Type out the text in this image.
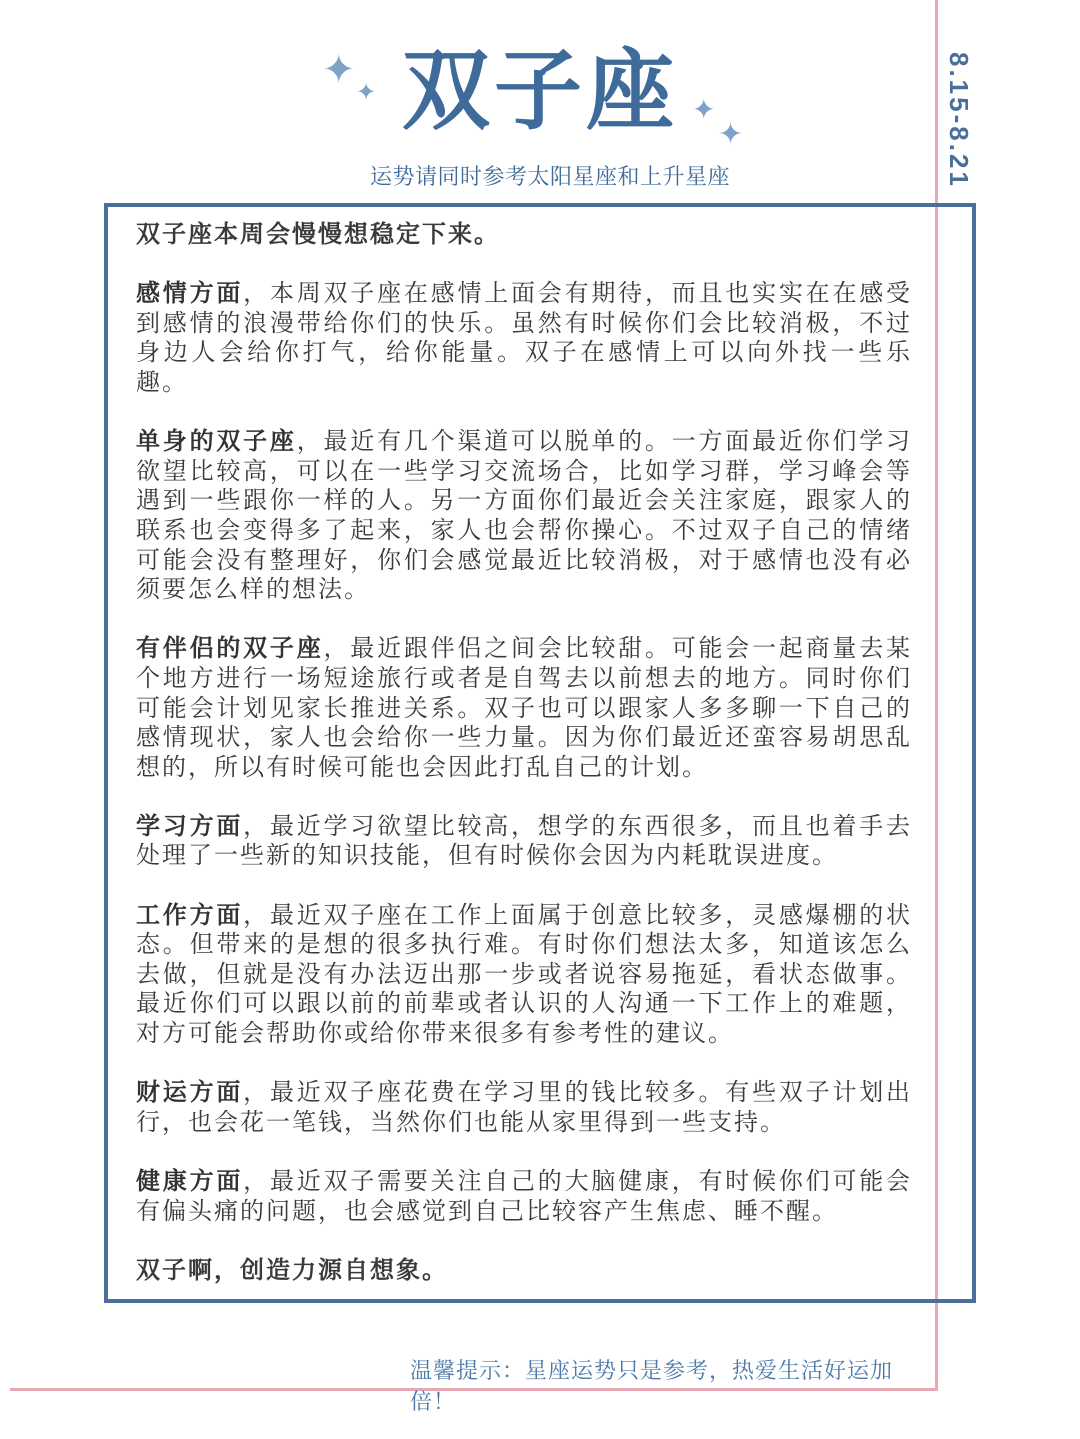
8.15-8.21
✦ ✦ 双子座 ✦
✦
运势请同时参考太阳星座和上升星座

双子座本周会慢慢想稳定下来。

感情方面，本周双子座在感情上面会有期待，而且也实实在在感受到感情的浪漫带给你们的快乐。虽然有时候你们会比较消极，不过身边人会给你打气，给你能量。双子在感情上可以向外找一些乐趣。

单身的双子座，最近有几个渠道可以脱单的。一方面最近你们学习欲望比较高，可以在一些学习交流场合，比如学习群，学习峰会等遇到一些跟你一样的人。另一方面你们最近会关注家庭，跟家人的联系也会变得多了起来，家人也会帮你操心。不过双子自己的情绪可能会没有整理好，你们会感觉最近比较消极，对于感情也没有必须要怎么样的想法。

有伴侣的双子座，最近跟伴侣之间会比较甜。可能会一起商量去某个地方进行一场短途旅行或者是自驾去以前想去的地方。同时你们可能会计划见家长推进关系。双子也可以跟家人多多聊一下自己的感情现状，家人也会给你一些力量。因为你们最近还蛮容易胡思乱想的，所以有时候可能也会因此打乱自己的计划。

学习方面，最近学习欲望比较高，想学的东西很多，而且也着手去处理了一些新的知识技能，但有时候你会因为内耗耽误进度。

工作方面，最近双子座在工作上面属于创意比较多，灵感爆棚的状态。但带来的是想的很多执行难。有时你们想法太多，知道该怎么去做，但就是没有办法迈出那一步或者说容易拖延，看状态做事。最近你们可以跟以前的前辈或者认识的人沟通一下工作上的难题，对方可能会帮助你或给你带来很多有参考性的建议。

财运方面，最近双子座花费在学习里的钱比较多。有些双子计划出行，也会花一笔钱，当然你们也能从家里得到一些支持。

健康方面，最近双子需要关注自己的大脑健康，有时候你们可能会有偏头痛的问题，也会感觉到自己比较容产生焦虑、睡不醒。

双子啊，创造力源自想象。

温馨提示：星座运势只是参考，热爱生活好运加倍！
